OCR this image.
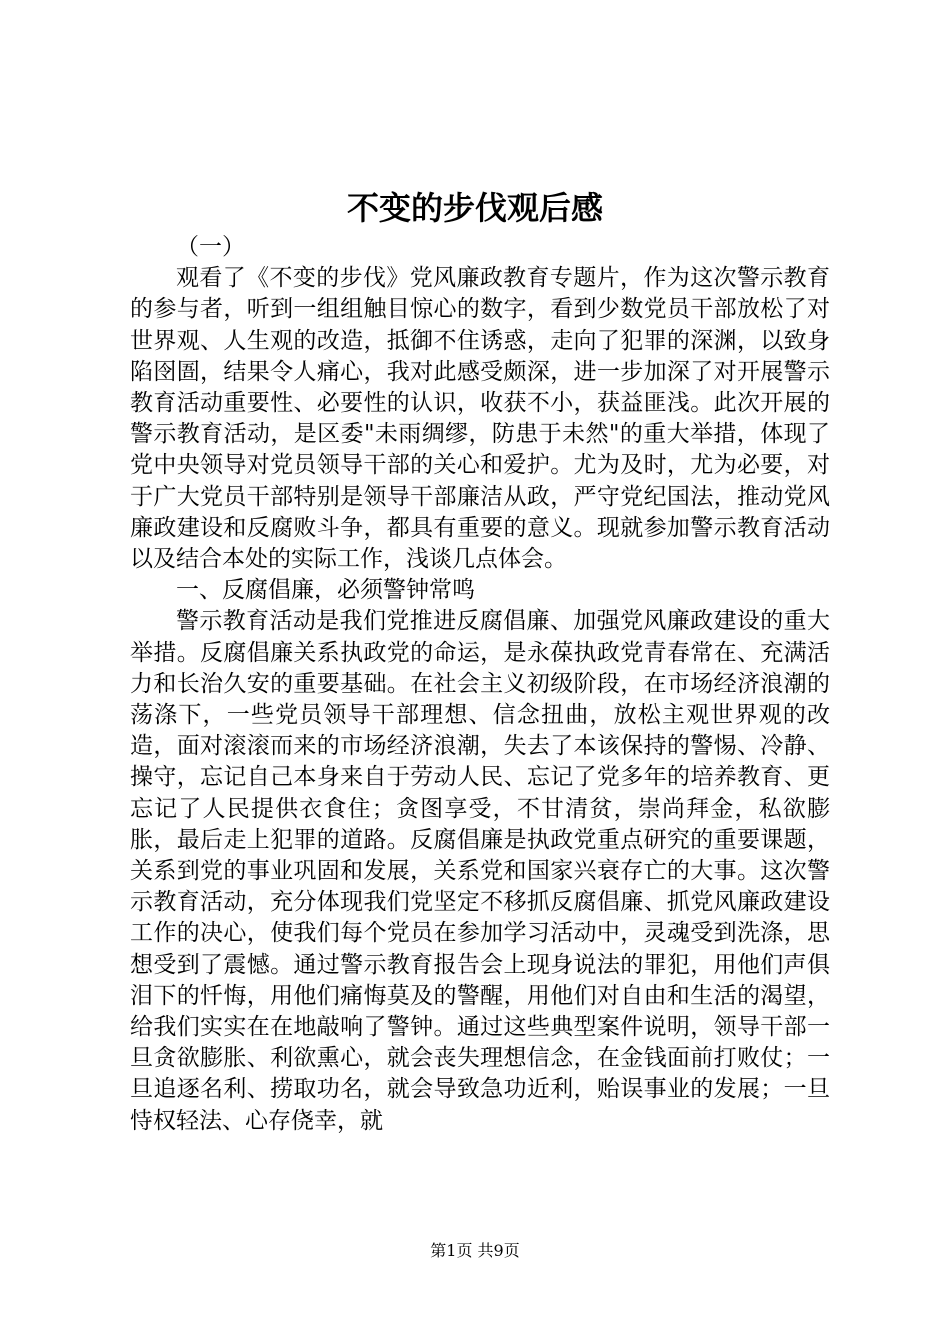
不变的步伐观后感

（一）

观看了《不变的步伐》党风廉政教育专题片，作为这次警示教育的参与者，听到一组组触目惊心的数字，看到少数党员干部放松了对世界观、人生观的改造，抵御不住诱惑，走向了犯罪的深渊，以致身陷囹圄，结果令人痛心，我对此感受颇深，进一步加深了对开展警示教育活动重要性、必要性的认识，收获不小，获益匪浅。此次开展的警示教育活动，是区委"未雨绸缪，防患于未然"的重大举措，体现了党中央领导对党员领导干部的关心和爱护。尤为及时，尤为必要，对于广大党员干部特别是领导干部廉洁从政，严守党纪国法，推动党风廉政建设和反腐败斗争，都具有重要的意义。现就参加警示教育活动以及结合本处的实际工作，浅谈几点体会。

一、反腐倡廉，必须警钟常鸣

警示教育活动是我们党推进反腐倡廉、加强党风廉政建设的重大举措。反腐倡廉关系执政党的命运，是永葆执政党青春常在、充满活力和长治久安的重要基础。在社会主义初级阶段，在市场经济浪潮的荡涤下，一些党员领导干部理想、信念扭曲，放松主观世界观的改造，面对滚滚而来的市场经济浪潮，失去了本该保持的警惕、冷静、操守，忘记自己本身来自于劳动人民、忘记了党多年的培养教育、更忘记了人民提供衣食住；贪图享受，不甘清贫，崇尚拜金，私欲膨胀，最后走上犯罪的道路。反腐倡廉是执政党重点研究的重要课题，关系到党的事业巩固和发展，关系党和国家兴衰存亡的大事。这次警示教育活动，充分体现我们党坚定不移抓反腐倡廉、抓党风廉政建设工作的决心，使我们每个党员在参加学习活动中，灵魂受到洗涤，思想受到了震憾。通过警示教育报告会上现身说法的罪犯，用他们声俱泪下的忏悔，用他们痛悔莫及的警醒，用他们对自由和生活的渴望，给我们实实在在地敲响了警钟。通过这些典型案件说明，领导干部一旦贪欲膨胀、利欲熏心，就会丧失理想信念，在金钱面前打败仗；一旦追逐名利、捞取功名，就会导致急功近利，贻误事业的发展；一旦恃权轻法、心存侥幸，就

第1页 共9页
